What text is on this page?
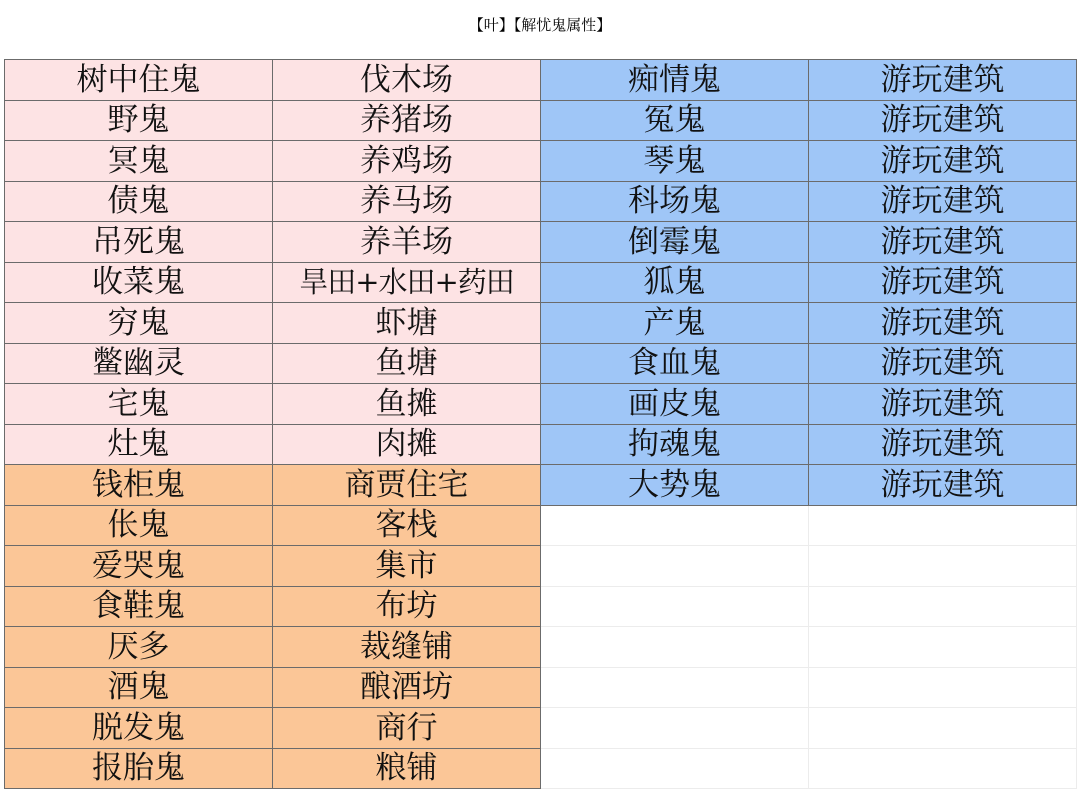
【叶】【解忧鬼属性】
树中住鬼	伐木场	痴情鬼	游玩建筑
野鬼	养猪场	冤鬼	游玩建筑
冥鬼	养鸡场	琴鬼	游玩建筑
债鬼	养马场	科场鬼	游玩建筑
吊死鬼	养羊场	倒霉鬼	游玩建筑
收菜鬼	旱田+水田+药田	狐鬼	游玩建筑
穷鬼	虾塘	产鬼	游玩建筑
鳖幽灵	鱼塘	食血鬼	游玩建筑
宅鬼	鱼摊	画皮鬼	游玩建筑
灶鬼	肉摊	拘魂鬼	游玩建筑
钱柜鬼	商贾住宅	大势鬼	游玩建筑
伥鬼	客栈		
爱哭鬼	集市		
食鞋鬼	布坊		
厌多	裁缝铺		
酒鬼	酿酒坊		
脱发鬼	商行		
报胎鬼	粮铺		
